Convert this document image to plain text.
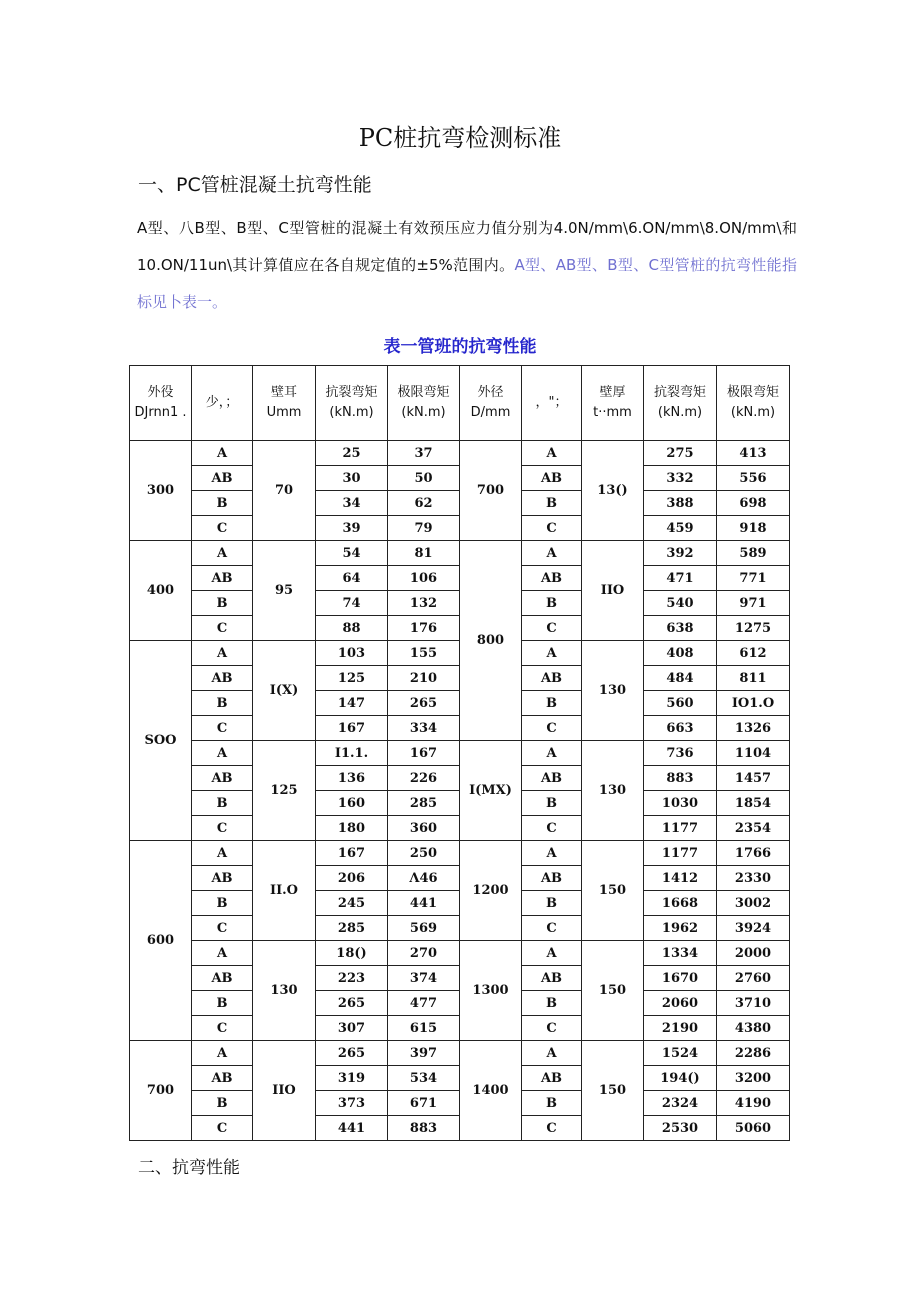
PC桩抗弯检测标准
一、PC管桩混凝土抗弯性能
A型、八B型、B型、C型管桩的混凝土有效预压应力值分别为4.0N/mm\6.ON/mm\8.ON/mm\和10.ON/11un\其计算值应在各自规定值的±5%范围内。A型、AB型、B型、C型管桩的抗弯性能指标见卜表一。
表一管班的抗弯性能
外役 DJrnn1 .	少，；	壁耳 Umm	抗裂弯矩 (kN.m)	极限弯矩 (kN.m)	外径 D/mm	，"；	壁厚 t··mm	抗裂弯矩 (kN.m)	极限弯矩 (kN.m)
300	A	70	25	37	700	A	13()	275	413
	AB		30	50		AB		332	556
	B		34	62		B		388	698
	C		39	79		C		459	918
400	A	95	54	81	800	A	IIO	392	589
	AB		64	106		AB		471	771
	B		74	132		B		540	971
	C		88	176		C		638	1275
SOO	A	I(X)	103	155		A	130	408	612
	AB		125	210		AB		484	811
	B		147	265		B		560	IO1.O
	C		167	334		C		663	1326
	A	125	I1.1.	167	I(MX)	A	130	736	1104
	AB		136	226		AB		883	1457
	B		160	285		B		1030	1854
	C		180	360		C		1177	2354
600	A	II.O	167	250	1200	A	150	1177	1766
	AB		206	Λ46		AB		1412	2330
	B		245	441		B		1668	3002
	C		285	569		C		1962	3924
	A	130	18()	270	1300	A	150	1334	2000
	AB		223	374		AB		1670	2760
	B		265	477		B		2060	3710
	C		307	615		C		2190	4380
700	A	IIO	265	397	1400	A	150	1524	2286
	AB		319	534		AB		194()	3200
	B		373	671		B		2324	4190
	C		441	883		C		2530	5060
二、抗弯性能
